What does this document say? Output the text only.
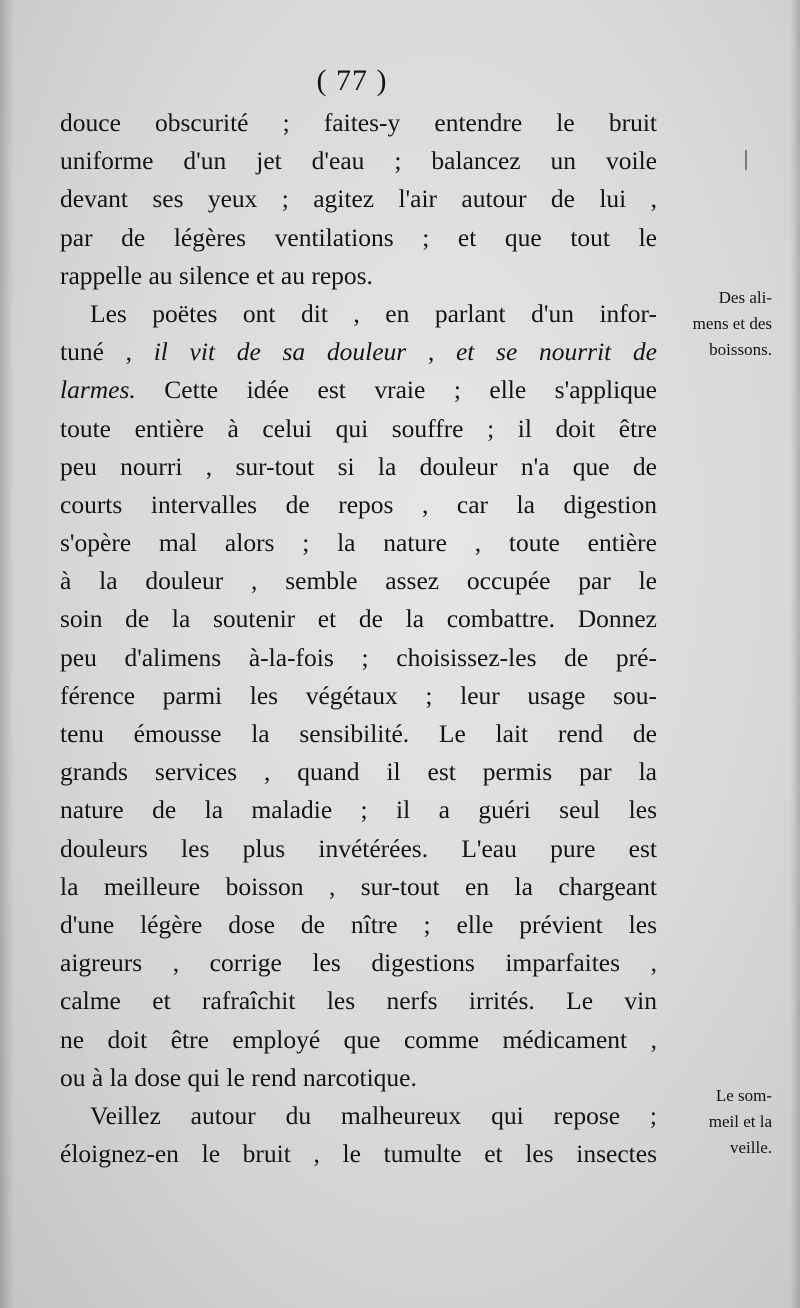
( 77 )
douce obscurité ; faites-y entendre le bruit
uniforme d'un jet d'eau ; balancez un voile
devant ses yeux ; agitez l'air autour de lui ,
par de légères ventilations ; et que tout le
rappelle au silence et au repos.
Les poëtes ont dit , en parlant d'un infor-
tuné , il vit de sa douleur , et se nourrit de
larmes. Cette idée est vraie ; elle s'applique
toute entière à celui qui souffre ; il doit être
peu nourri , sur-tout si la douleur n'a que de
courts intervalles de repos , car la digestion
s'opère mal alors ; la nature , toute entière
à la douleur , semble assez occupée par le
soin de la soutenir et de la combattre. Donnez
peu d'alimens à-la-fois ; choisissez-les de pré-
férence parmi les végétaux ; leur usage sou-
tenu émousse la sensibilité. Le lait rend de
grands services , quand il est permis par la
nature de la maladie ; il a guéri seul les
douleurs les plus invétérées. L'eau pure est
la meilleure boisson , sur-tout en la chargeant
d'une légère dose de nître ; elle prévient les
aigreurs , corrige les digestions imparfaites ,
calme et rafraîchit les nerfs irrités. Le vin
ne doit être employé que comme médicament ,
ou à la dose qui le rend narcotique.
Veillez autour du malheureux qui repose ;
éloignez-en le bruit , le tumulte et les insectes
Des ali-
mens et des
boissons.
Le som-
meil et la
veille.
